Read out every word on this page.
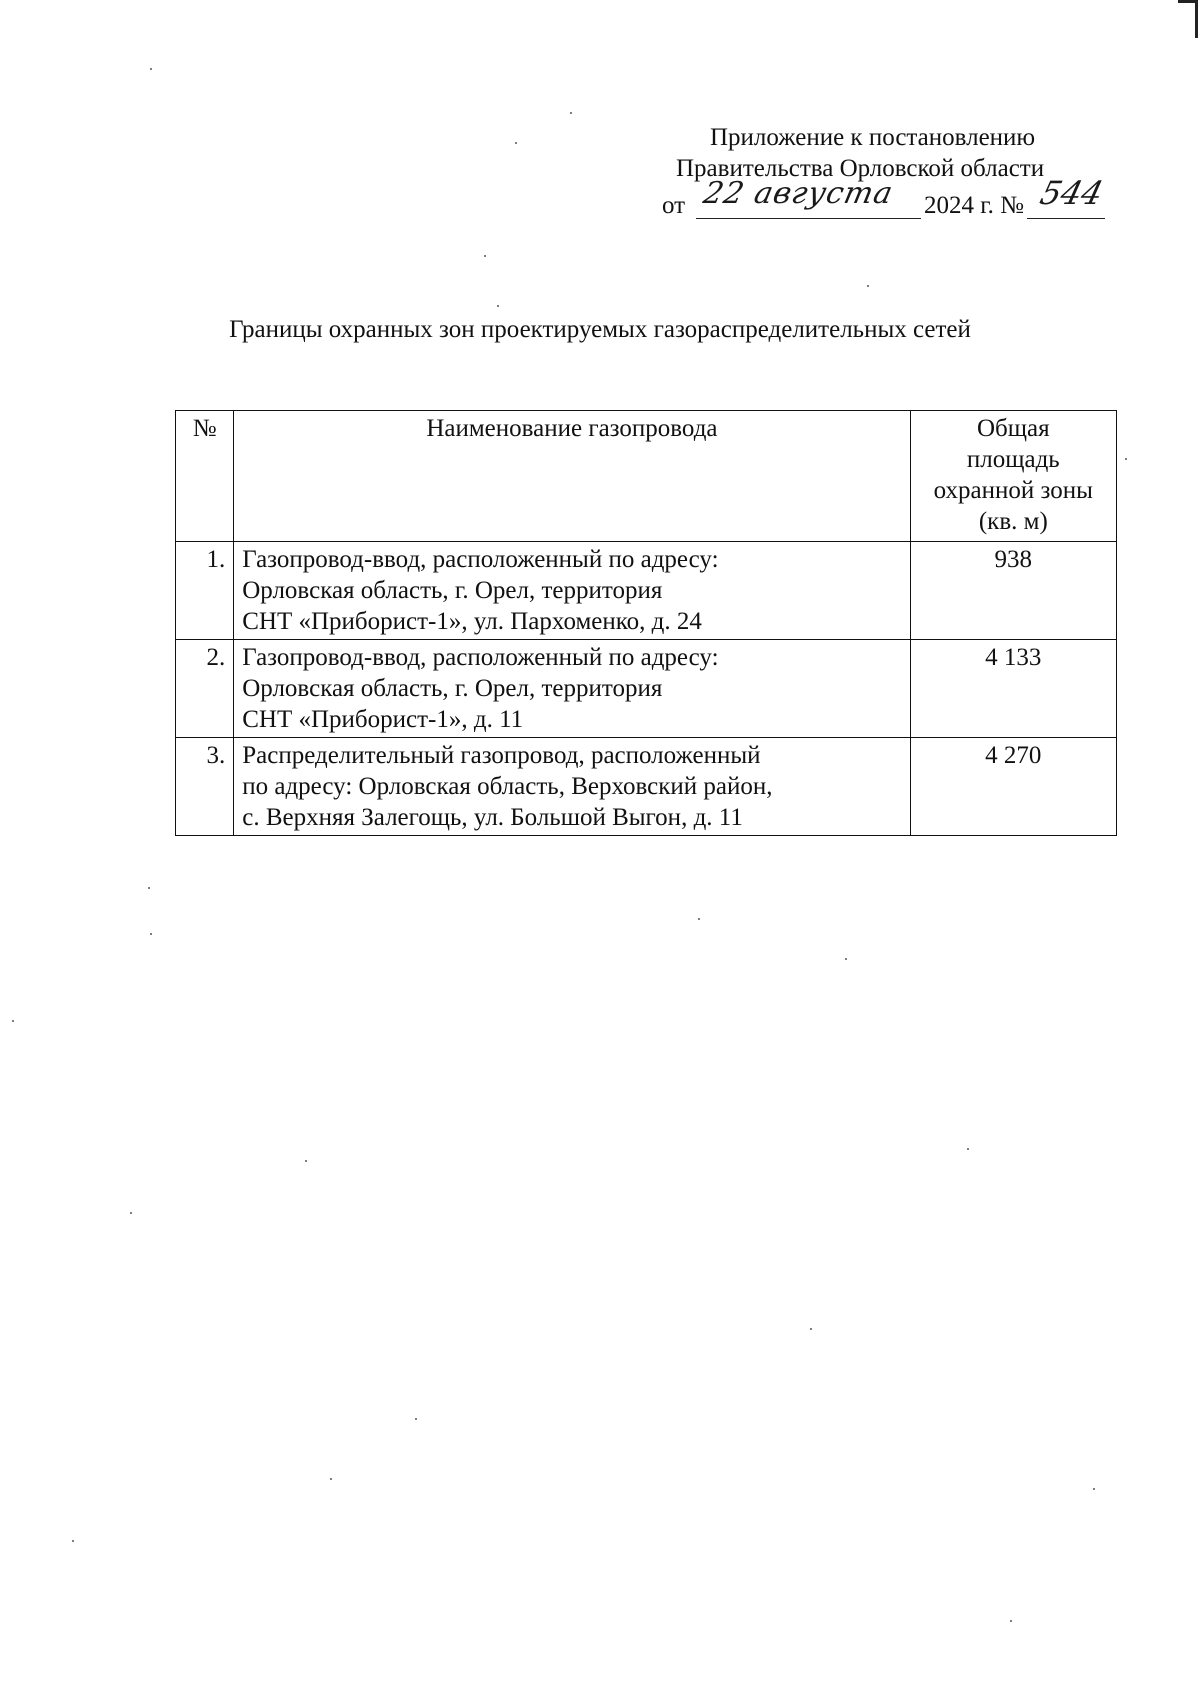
Приложение к постановлению
Правительства Орловской области
от 22 августа 2024 г. № 544
Границы охранных зон проектируемых газораспределительных сетей
№	Наименование газопровода	Общая
площадь
охранной зоны
(кв. м)

1.	Газопровод-ввод, расположенный по адресу:
Орловская область, г. Орел, территория
СНТ «Приборист-1», ул. Пархоменко, д. 24	938
2.	Газопровод-ввод, расположенный по адресу:
Орловская область, г. Орел, территория
СНТ «Приборист-1», д. 11	4 133
3.	Распределительный газопровод, расположенный
по адресу: Орловская область, Верховский район,
с. Верхняя Залегощь, ул. Большой Выгон, д. 11	4 270
